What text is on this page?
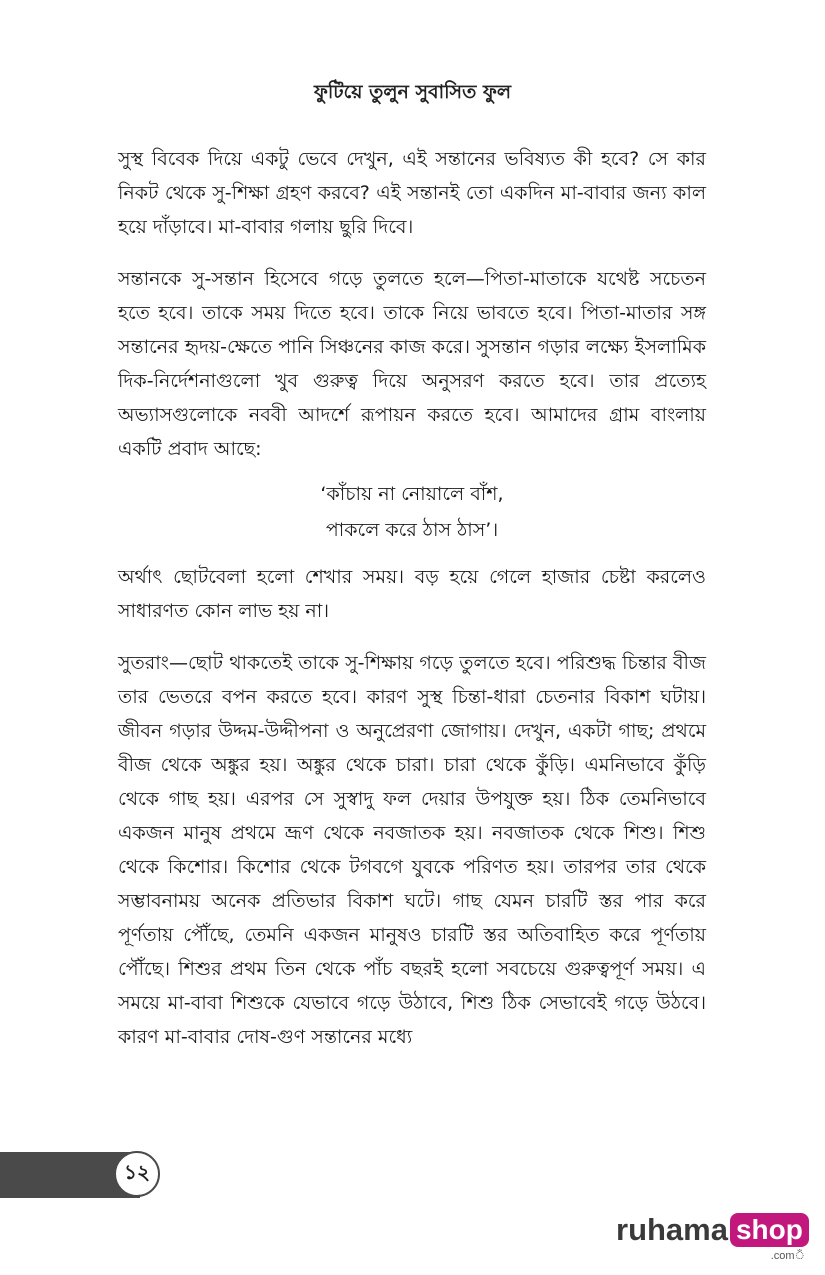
ফুটিয়ে তুলুন সুবাসিত ফুল

সুস্থ বিবেক দিয়ে একটু ভেবে দেখুন, এই সন্তানের ভবিষ্যত কী হবে? সে কার নিকট থেকে সু-শিক্ষা গ্রহণ করবে? এই সন্তানই তো একদিন মা-বাবার জন্য কাল হয়ে দাঁড়াবে। মা-বাবার গলায় ছুরি দিবে।

সন্তানকে সু-সন্তান হিসেবে গড়ে তুলতে হলে—পিতা-মাতাকে যথেষ্ট সচেতন হতে হবে। তাকে সময় দিতে হবে। তাকে নিয়ে ভাবতে হবে। পিতা-মাতার সঙ্গ সন্তানের হৃদয়-ক্ষেতে পানি সিঞ্চনের কাজ করে। সুসন্তান গড়ার লক্ষ্যে ইসলামিক দিক-নির্দেশনাগুলো খুব গুরুত্ব দিয়ে অনুসরণ করতে হবে। তার প্রত্যেহ অভ্যাসগুলোকে নববী আদর্শে রূপায়ন করতে হবে। আমাদের গ্রাম বাংলায় একটি প্রবাদ আছে:

‘কাঁচায় না নোয়ালে বাঁশ,
পাকলে করে ঠাস ঠাস’।

অর্থাৎ ছোটবেলা হলো শেখার সময়। বড় হয়ে গেলে হাজার চেষ্টা করলেও সাধারণত কোন লাভ হয় না।

সুতরাং—ছোট থাকতেই তাকে সু-শিক্ষায় গড়ে তুলতে হবে। পরিশুদ্ধ চিন্তার বীজ তার ভেতরে বপন করতে হবে। কারণ সুস্থ চিন্তা-ধারা চেতনার বিকাশ ঘটায়। জীবন গড়ার উদ্দম-উদ্দীপনা ও অনুপ্রেরণা জোগায়। দেখুন, একটা গাছ; প্রথমে বীজ থেকে অঙ্কুর হয়। অঙ্কুর থেকে চারা। চারা থেকে কুঁড়ি। এমনিভাবে কুঁড়ি থেকে গাছ হয়। এরপর সে সুস্বাদু ফল দেয়ার উপযুক্ত হয়। ঠিক তেমনিভাবে একজন মানুষ প্রথমে ভ্রূণ থেকে নবজাতক হয়। নবজাতক থেকে শিশু। শিশু থেকে কিশোর। কিশোর থেকে টগবগে যুবকে পরিণত হয়। তারপর তার থেকে সম্ভাবনাময় অনেক প্রতিভার বিকাশ ঘটে। গাছ যেমন চারটি স্তর পার করে পূর্ণতায় পৌঁছে, তেমনি একজন মানুষও চারটি স্তর অতিবাহিত করে পূর্ণতায় পৌঁছে। শিশুর প্রথম তিন থেকে পাঁচ বছরই হলো সবচেয়ে গুরুত্বপূর্ণ সময়। এ সময়ে মা-বাবা শিশুকে যেভাবে গড়ে উঠাবে, শিশু ঠিক সেভাবেই গড়ে উঠবে। কারণ মা-বাবার দোষ-গুণ সন্তানের মধ্যে

১২
ruhama shop
.comঁ
